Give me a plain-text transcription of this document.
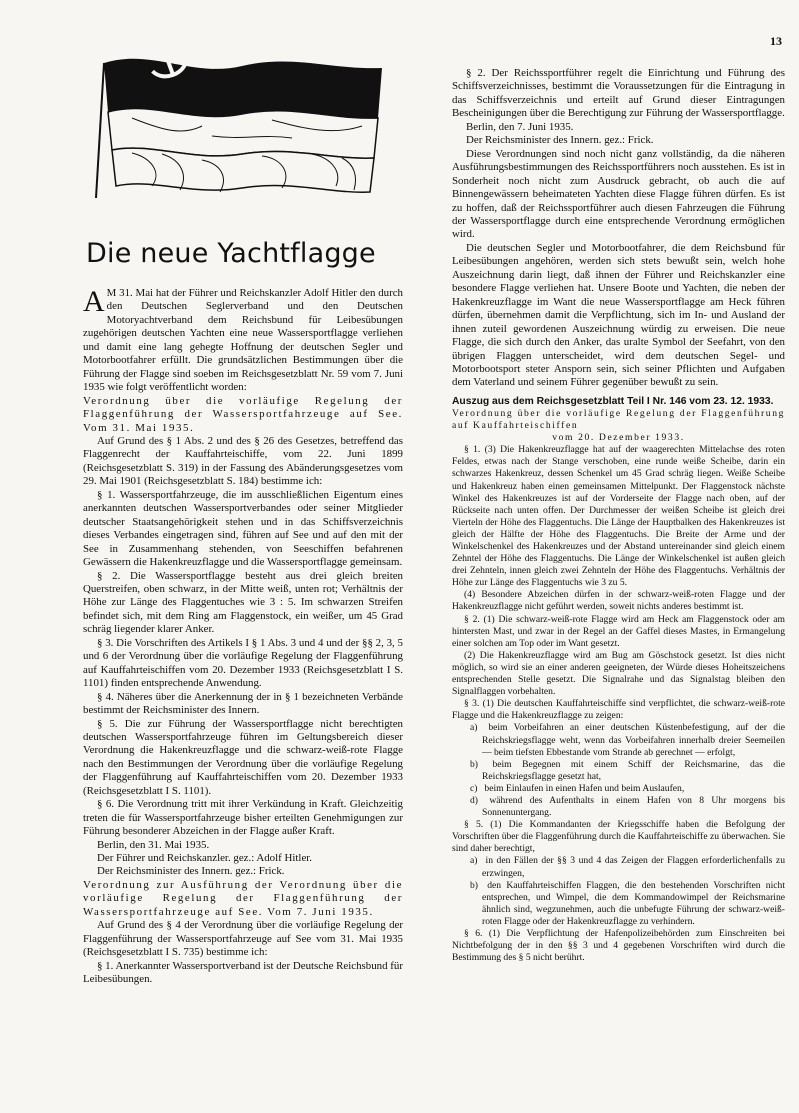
13
Die neue Yachtflagge

A M 31. Mai hat der Führer und Reichskanzler Adolf Hitler den durch den Deutschen Seglerverband und den Deutschen Motoryachtverband dem Reichsbund für Leibesübungen zugehörigen deutschen Yachten eine neue Wassersportflagge verliehen und damit eine lang gehegte Hoffnung der deutschen Segler und Motorbootfahrer erfüllt. Die grundsätzlichen Bestimmungen über die Führung der Flagge sind soeben im Reichsgesetzblatt Nr. 59 vom 7. Juni 1935 wie folgt veröffentlicht worden:

Verordnung über die vorläufige Regelung der Flaggenführung der Wassersportfahrzeuge auf See. Vom 31. Mai 1935.

Auf Grund des § 1 Abs. 2 und des § 26 des Gesetzes, betreffend das Flaggenrecht der Kauffahrteischiffe, vom 22. Juni 1899 (Reichsgesetzblatt S. 319) in der Fassung des Abänderungsgesetzes vom 29. Mai 1901 (Reichsgesetzblatt S. 184) bestimme ich:

§ 1. Wassersportfahrzeuge, die im ausschließlichen Eigentum eines anerkannten deutschen Wassersportverbandes oder seiner Mitglieder deutscher Staatsangehörigkeit stehen und in das Schiffsverzeichnis dieses Verbandes eingetragen sind, führen auf See und auf den mit der See in Zusammenhang stehenden, von Seeschiffen befahrenen Gewässern die Hakenkreuzflagge und die Wassersportflagge gemeinsam.

§ 2. Die Wassersportflagge besteht aus drei gleich breiten Querstreifen, oben schwarz, in der Mitte weiß, unten rot; Verhältnis der Höhe zur Länge des Flaggentuches wie 3 : 5. Im schwarzen Streifen befindet sich, mit dem Ring am Flaggenstock, ein weißer, um 45 Grad schräg liegender klarer Anker.

§ 3. Die Vorschriften des Artikels I § 1 Abs. 3 und 4 und der §§ 2, 3, 5 und 6 der Verordnung über die vorläufige Regelung der Flaggenführung auf Kauffahrteischiffen vom 20. Dezember 1933 (Reichsgesetzblatt I S. 1101) finden entsprechende Anwendung.

§ 4. Näheres über die Anerkennung der in § 1 bezeichneten Verbände bestimmt der Reichsminister des Innern.

§ 5. Die zur Führung der Wassersportflagge nicht berechtigten deutschen Wassersportfahrzeuge führen im Geltungsbereich dieser Verordnung die Hakenkreuzflagge und die schwarz-weiß-rote Flagge nach den Bestimmungen der Verordnung über die vorläufige Regelung der Flaggenführung auf Kauffahrteischiffen vom 20. Dezember 1933 (Reichsgesetzblatt I S. 1101).

§ 6. Die Verordnung tritt mit ihrer Verkündung in Kraft. Gleichzeitig treten die für Wassersportfahrzeuge bisher erteilten Genehmigungen zur Führung besonderer Abzeichen in der Flagge außer Kraft.

Berlin, den 31. Mai 1935.

Der Führer und Reichskanzler. gez.: Adolf Hitler.

Der Reichsminister des Innern. gez.: Frick.

Verordnung zur Ausführung der Verordnung über die vorläufige Regelung der Flaggenführung der Wassersportfahrzeuge auf See. Vom 7. Juni 1935.

Auf Grund des § 4 der Verordnung über die vorläufige Regelung der Flaggenführung der Wassersportfahrzeuge auf See vom 31. Mai 1935 (Reichsgesetzblatt I S. 735) bestimme ich:

§ 1. Anerkannter Wassersportverband ist der Deutsche Reichsbund für Leibesübungen.

§ 2. Der Reichssportführer regelt die Einrichtung und Führung des Schiffsverzeichnisses, bestimmt die Voraussetzungen für die Eintragung in das Schiffsverzeichnis und erteilt auf Grund dieser Eintragungen Bescheinigungen über die Berechtigung zur Führung der Wassersportflagge.

Berlin, den 7. Juni 1935.

Der Reichsminister des Innern. gez.: Frick.

Diese Verordnungen sind noch nicht ganz vollständig, da die näheren Ausführungsbestimmungen des Reichssportführers noch ausstehen. Es ist in Sonderheit noch nicht zum Ausdruck gebracht, ob auch die auf Binnengewässern beheimateten Yachten diese Flagge führen dürfen. Es ist zu hoffen, daß der Reichssportführer auch diesen Fahrzeugen die Führung der Wassersportflagge durch eine entsprechende Verordnung ermöglichen wird.

Die deutschen Segler und Motorbootfahrer, die dem Reichsbund für Leibesübungen angehören, werden sich stets bewußt sein, welch hohe Auszeichnung darin liegt, daß ihnen der Führer und Reichskanzler eine besondere Flagge verliehen hat. Unsere Boote und Yachten, die neben der Hakenkreuzflagge im Want die neue Wassersportflagge am Heck führen dürfen, übernehmen damit die Verpflichtung, sich im In- und Ausland der ihnen zuteil gewordenen Auszeichnung würdig zu erweisen. Die neue Flagge, die sich durch den Anker, das uralte Symbol der Seefahrt, von den übrigen Flaggen unterscheidet, wird dem deutschen Segel- und Motorbootsport steter Ansporn sein, sich seiner Pflichten und Aufgaben dem Vaterland und seinem Führer gegenüber bewußt zu sein.

Auszug aus dem Reichsgesetzblatt Teil I Nr. 146 vom 23. 12. 1933.

Verordnung über die vorläufige Regelung der Flaggenführung auf Kauffahrteischiffen

vom 20. Dezember 1933.

§ 1. (3) Die Hakenkreuzflagge hat auf der waagerechten Mittelachse des roten Feldes, etwas nach der Stange verschoben, eine runde weiße Scheibe, darin ein schwarzes Hakenkreuz, dessen Schenkel um 45 Grad schräg liegen. Weiße Scheibe und Hakenkreuz haben einen gemeinsamen Mittelpunkt. Der Flaggenstock nächste Winkel des Hakenkreuzes ist auf der Vorderseite der Flagge nach oben, auf der Rückseite nach unten offen. Der Durchmesser der weißen Scheibe ist gleich drei Vierteln der Höhe des Flaggentuchs. Die Länge der Hauptbalken des Hakenkreuzes ist gleich der Hälfte der Höhe des Flaggentuchs. Die Breite der Arme und der Winkelschenkel des Hakenkreuzes und der Abstand untereinander sind gleich einem Zehntel der Höhe des Flaggentuchs. Die Länge der Winkelschenkel ist außen gleich drei Zehnteln, innen gleich zwei Zehnteln der Höhe des Flaggentuchs. Verhältnis der Höhe zur Länge des Flaggentuchs wie 3 zu 5.

(4) Besondere Abzeichen dürfen in der schwarz-weiß-roten Flagge und der Hakenkreuzflagge nicht geführt werden, soweit nichts anderes bestimmt ist.

§ 2. (1) Die schwarz-weiß-rote Flagge wird am Heck am Flaggenstock oder am hintersten Mast, und zwar in der Regel an der Gaffel dieses Mastes, in Ermangelung einer solchen am Top oder im Want gesetzt.

(2) Die Hakenkreuzflagge wird am Bug am Göschstock gesetzt. Ist dies nicht möglich, so wird sie an einer anderen geeigneten, der Würde dieses Hoheitszeichens entsprechenden Stelle gesetzt. Die Signalrahe und das Signalstag bleiben den Signalflaggen vorbehalten.

§ 3. (1) Die deutschen Kauffahrteischiffe sind verpflichtet, die schwarz-weiß-rote Flagge und die Hakenkreuzflagge zu zeigen:

a) beim Vorbeifahren an einer deutschen Küstenbefestigung, auf der die Reichskriegsflagge weht, wenn das Vorbeifahren innerhalb dreier Seemeilen — beim tiefsten Ebbestande vom Strande ab gerechnet — erfolgt,
b) beim Begegnen mit einem Schiff der Reichsmarine, das die Reichskriegsflagge gesetzt hat,
c) beim Einlaufen in einen Hafen und beim Auslaufen,
d) während des Aufenthalts in einem Hafen von 8 Uhr morgens bis Sonnenuntergang.

§ 5. (1) Die Kommandanten der Kriegsschiffe haben die Befolgung der Vorschriften über die Flaggenführung durch die Kauffahrteischiffe zu überwachen. Sie sind daher berechtigt,

a) in den Fällen der §§ 3 und 4 das Zeigen der Flaggen erforderlichenfalls zu erzwingen,
b) den Kauffahrteischiffen Flaggen, die den bestehenden Vorschriften nicht entsprechen, und Wimpel, die dem Kommandowimpel der Reichsmarine ähnlich sind, wegzunehmen, auch die unbefugte Führung der schwarz-weiß-roten Flagge oder der Hakenkreuzflagge zu verhindern.

§ 6. (1) Die Verpflichtung der Hafenpolizeibehörden zum Einschreiten bei Nichtbefolgung der in den §§ 3 und 4 gegebenen Vorschriften wird durch die Bestimmung des § 5 nicht berührt.
